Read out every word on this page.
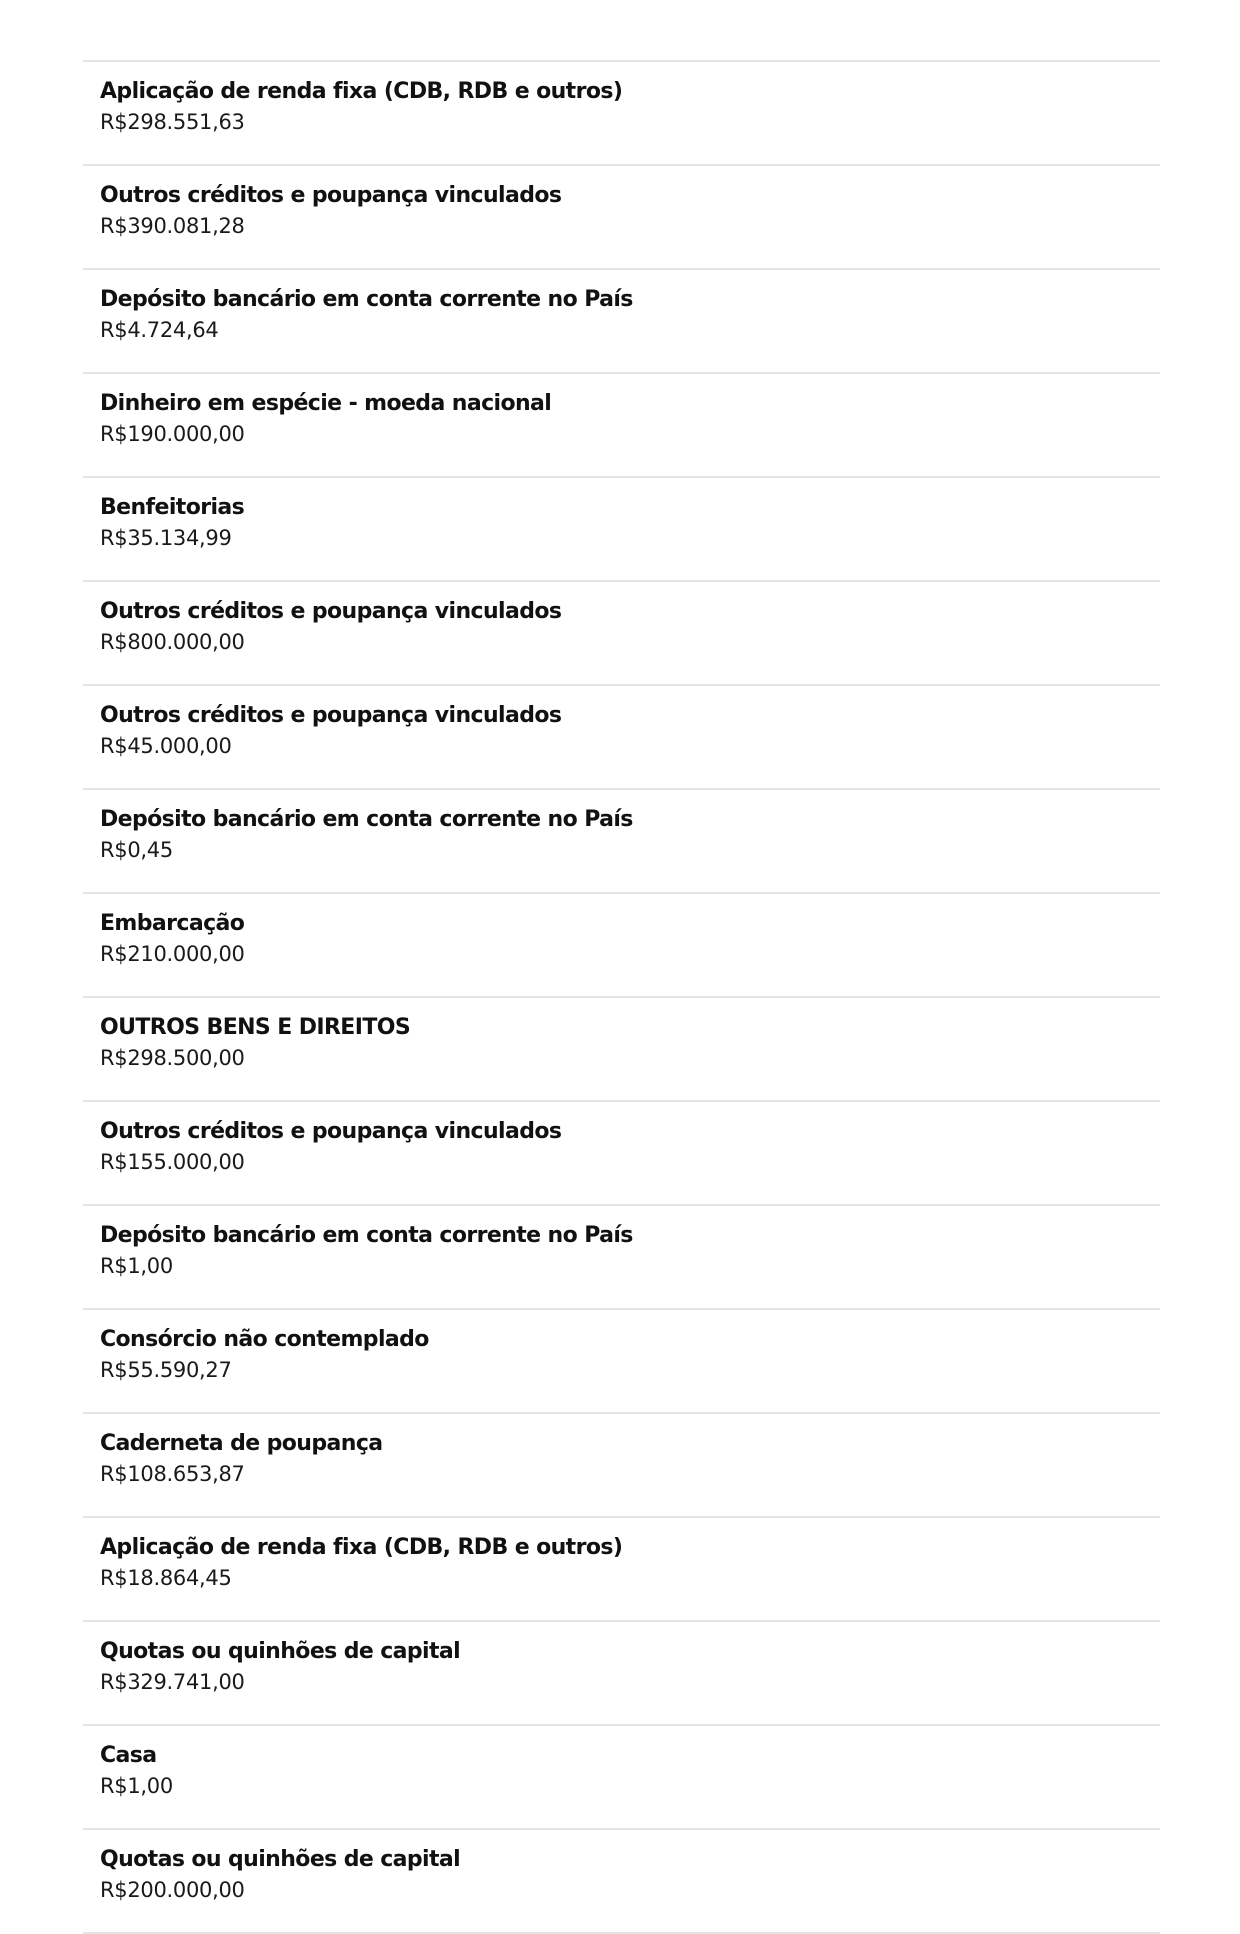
Aplicação de renda fixa (CDB, RDB e outros)
R$298.551,63
Outros créditos e poupança vinculados
R$390.081,28
Depósito bancário em conta corrente no País
R$4.724,64
Dinheiro em espécie - moeda nacional
R$190.000,00
Benfeitorias
R$35.134,99
Outros créditos e poupança vinculados
R$800.000,00
Outros créditos e poupança vinculados
R$45.000,00
Depósito bancário em conta corrente no País
R$0,45
Embarcação
R$210.000,00
OUTROS BENS E DIREITOS
R$298.500,00
Outros créditos e poupança vinculados
R$155.000,00
Depósito bancário em conta corrente no País
R$1,00
Consórcio não contemplado
R$55.590,27
Caderneta de poupança
R$108.653,87
Aplicação de renda fixa (CDB, RDB e outros)
R$18.864,45
Quotas ou quinhões de capital
R$329.741,00
Casa
R$1,00
Quotas ou quinhões de capital
R$200.000,00
